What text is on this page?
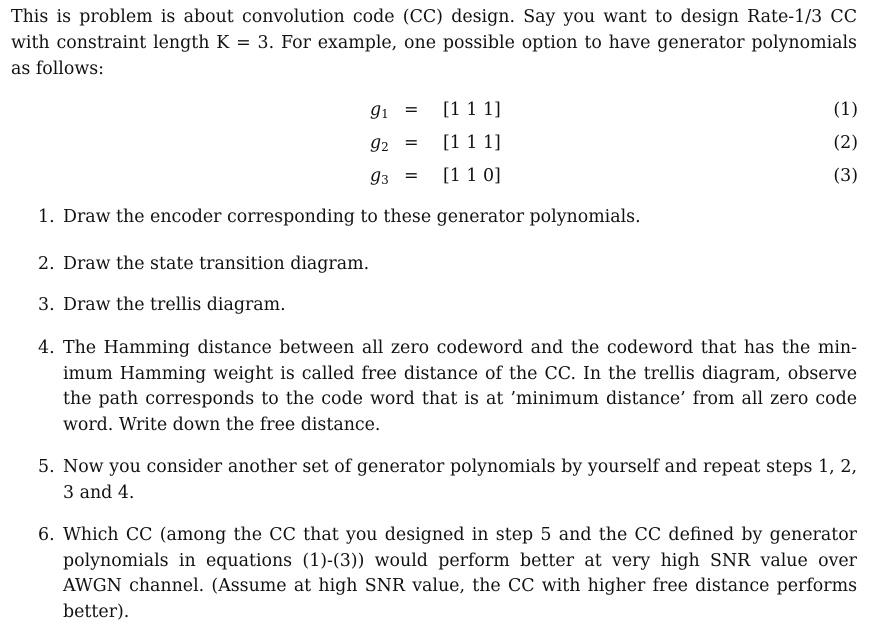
This is problem is about convolution code (CC) design. Say you want to design Rate-1/3 CC
with constraint length K = 3. For example, one possible option to have generator polynomials
as follows:

$g_1 = [1$ 1 1]	(1)
$g_2 = [1$ 1 1]	(2)
$g_3 = [1$ 1 0]	(3)
1. Draw the encoder corresponding to these generator polynomials.

2. Draw the state transition diagram.

3. Draw the trellis diagram.

4. The Hamming distance between all zero codeword and the codeword that has the min-
imum Hamming weight is called free distance of the CC. In the trellis diagram, observe
the path corresponds to the code word that is at ’minimum distance’ from all zero code
word. Write down the free distance.

5. Now you consider another set of generator polynomials by yourself and repeat steps 1, 2,
3 and 4.

6. Which CC (among the CC that you designed in step 5 and the CC defined by generator
polynomials in equations (1)-(3)) would perform better at very high SNR value over
AWGN channel. (Assume at high SNR value, the CC with higher free distance performs
better).
